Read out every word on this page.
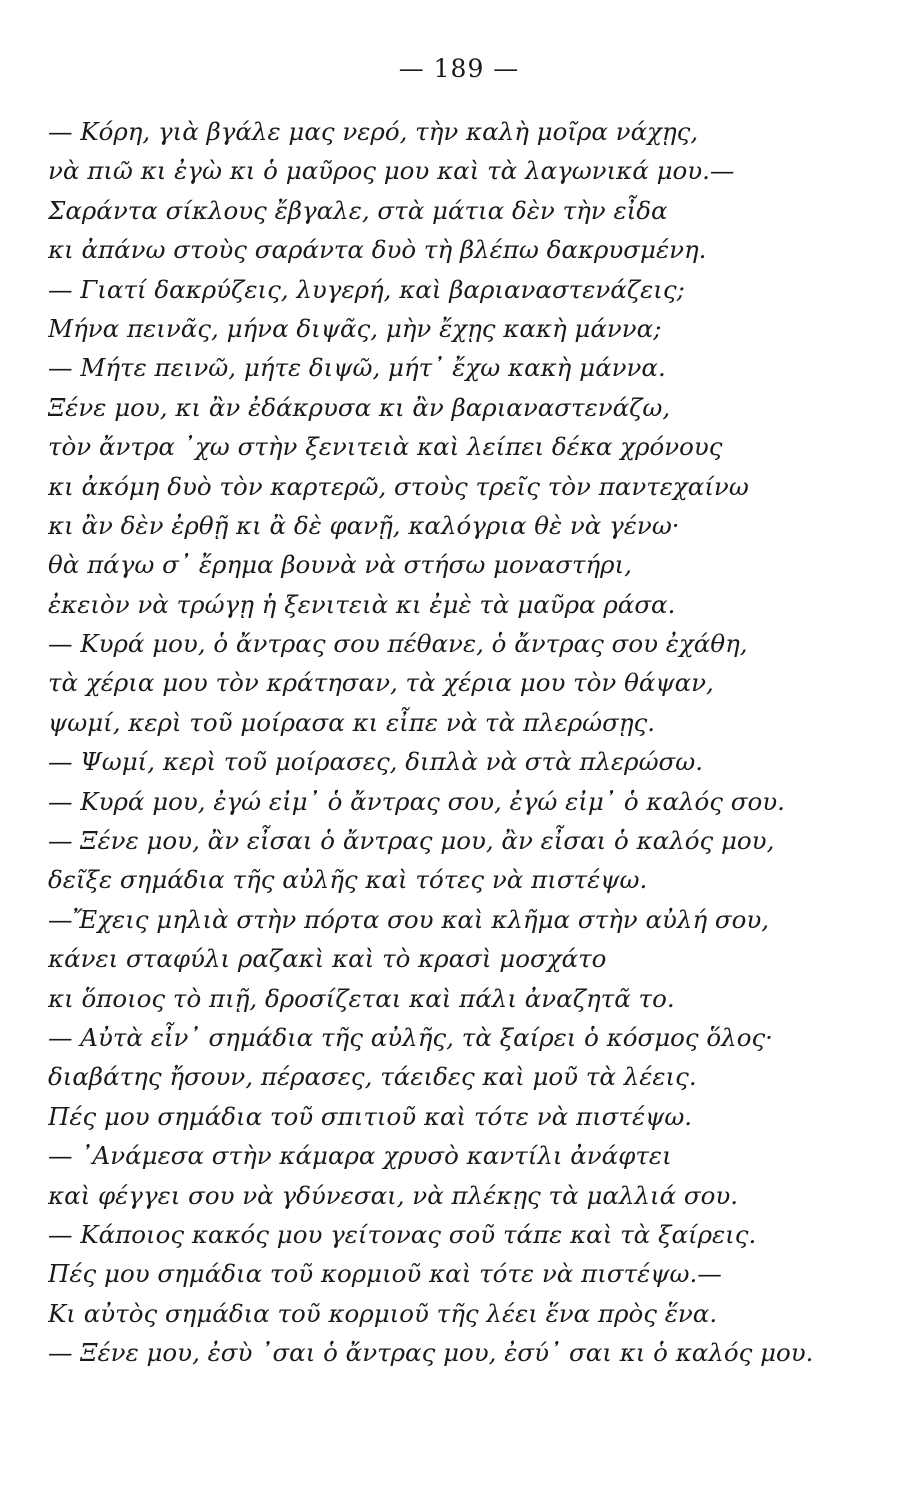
— 189 —
— Κόρη, γιὰ βγάλε μας νερό, τὴν καλὴ μοῖρα νάχῃς,
νὰ πιῶ κι ἐγὼ κι ὁ μαῦρος μου καὶ τὰ λαγωνικά μου.—
Σαράντα σίκλους ἔβγαλε, στὰ μάτια δὲν τὴν εἶδα
κι ἀπάνω στοὺς σαράντα δυὸ τὴ βλέπω δακρυσμένη.
— Γιατί δακρύζεις, λυγερή, καὶ βαριαναστενάζεις;
Μήνα πεινᾶς, μήνα διψᾶς, μὴν ἔχῃς κακὴ μάννα;
— Μήτε πεινῶ, μήτε διψῶ, μήτ᾽ ἔχω κακὴ μάννα.
Ξένε μου, κι ἂν ἐδάκρυσα κι ἂν βαριαναστενάζω,
τὸν ἄντρα ᾽χω στὴν ξενιτειὰ καὶ λείπει δέκα χρόνους
κι ἀκόμη δυὸ τὸν καρτερῶ, στοὺς τρεῖς τὸν παντεχαίνω
κι ἂν δὲν ἐρθῇ κι ἂ δὲ φανῇ, καλόγρια θὲ νὰ γένω·
θὰ πάγω σ᾽ ἔρημα βουνὰ νὰ στήσω μοναστήρι,
ἐκειὸν νὰ τρώγῃ ἡ ξενιτειὰ κι ἐμὲ τὰ μαῦρα ράσα.
— Κυρά μου, ὁ ἄντρας σου πέθανε, ὁ ἄντρας σου ἐχάθη,
τὰ χέρια μου τὸν κράτησαν, τὰ χέρια μου τὸν θάψαν,
ψωμί, κερὶ τοῦ μοίρασα κι εἶπε νὰ τὰ πλερώσῃς.
— Ψωμί, κερὶ τοῦ μοίρασες, διπλὰ νὰ στὰ πλερώσω.
— Κυρά μου, ἐγώ εἰμ᾽ ὁ ἄντρας σου, ἐγώ εἰμ᾽ ὁ καλός σου.
— Ξένε μου, ἂν εἶσαι ὁ ἄντρας μου, ἂν εἶσαι ὁ καλός μου,
δεῖξε σημάδια τῆς αὐλῆς καὶ τότες νὰ πιστέψω.
—Ἔχεις μηλιὰ στὴν πόρτα σου καὶ κλῆμα στὴν αὐλή σου,
κάνει σταφύλι ραζακὶ καὶ τὸ κρασὶ μοσχάτο
κι ὅποιος τὸ πιῇ, δροσίζεται καὶ πάλι ἀναζητᾶ το.
— Αὐτὰ εἶν᾽ σημάδια τῆς αὐλῆς, τὰ ξαίρει ὁ κόσμος ὅλος·
διαβάτης ἤσουν, πέρασες, τάειδες καὶ μοῦ τὰ λέεις.
Πές μου σημάδια τοῦ σπιτιοῦ καὶ τότε νὰ πιστέψω.
— ᾽Ανάμεσα στὴν κάμαρα χρυσὸ καντίλι ἀνάφτει
καὶ φέγγει σου νὰ γδύνεσαι, νὰ πλέκῃς τὰ μαλλιά σου.
— Κάποιος κακός μου γείτονας σοῦ τάπε καὶ τὰ ξαίρεις.
Πές μου σημάδια τοῦ κορμιοῦ καὶ τότε νὰ πιστέψω.—
Κι αὐτὸς σημάδια τοῦ κορμιοῦ τῆς λέει ἕνα πρὸς ἕνα.
— Ξένε μου, ἐσὺ ᾽σαι ὁ ἄντρας μου, ἐσύ᾽ σαι κι ὁ καλός μου.
